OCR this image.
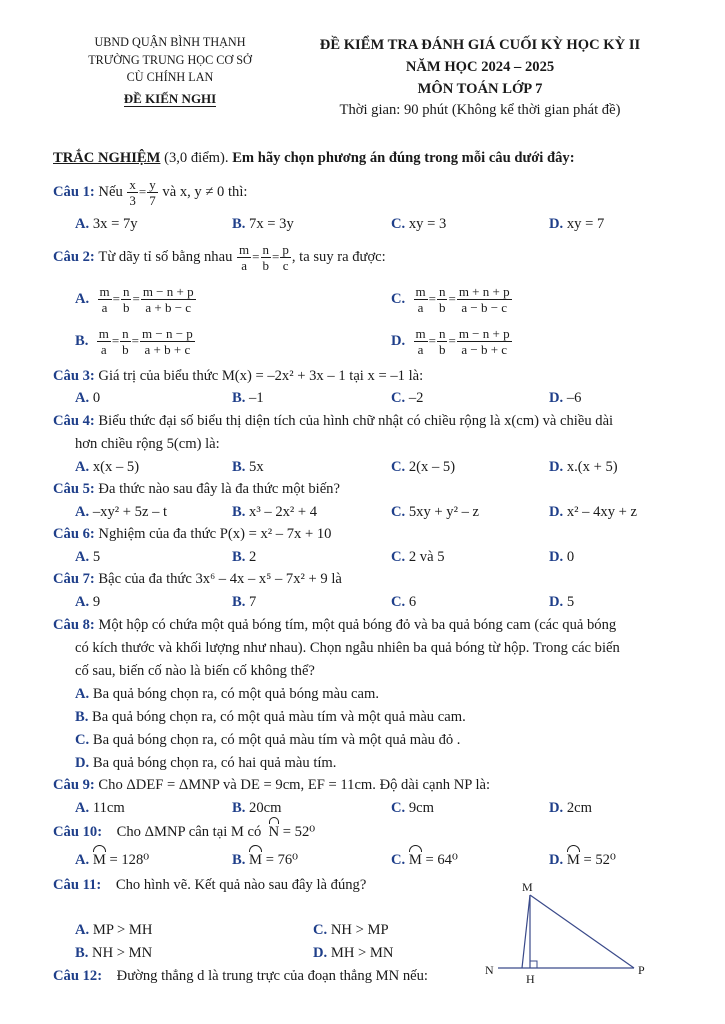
UBND QUẬN BÌNH THẠNH
TRƯỜNG TRUNG HỌC CƠ SỞ
CÙ CHÍNH LAN
ĐỀ KIẾN NGHI
ĐỀ KIỂM TRA ĐÁNH GIÁ CUỐI KỲ HỌC KỲ II
NĂM HỌC 2024 – 2025
MÔN TOÁN LỚP 7
Thời gian: 90 phút (Không kể thời gian phát đề)
TRẮC NGHIỆM (3,0 điểm). Em hãy chọn phương án đúng trong mỗi câu dưới đây:
Câu 1:
Nếu
$\frac{x}{3} = \frac{y}{7}$
và x, y ≠ 0 thì:
A. 3x = 7y	B. 7x = 3y	C. xy = 3	D. xy = 7
Câu 2:
Từ dãy tỉ số bằng nhau
$\frac{m}{a} = \frac{n}{b} = \frac{p}{c}$ , ta suy ra được:
A.
$\frac{m}{a} = \frac{n}{b} = \frac{m - n + p}{a + b - c}$	C.
$\frac{m}{a} = \frac{n}{b} = \frac{m + n + p}{a - b - c}$
B.
$\frac{m}{a} = \frac{n}{b} = \frac{m - n - p}{a + b + c}$	D.
$\frac{m}{a} = \frac{n}{b} = \frac{m - n + p}{a - b + c}$
Câu 3: Giá trị của biểu thức M(x) = –2x² + 3x – 1 tại x = –1 là:
A. 0	B. –1	C. –2	D. –6
Câu 4: Biểu thức đại số biểu thị diện tích của hình chữ nhật có chiều rộng là x(cm) và chiều dài
hơn chiều rộng 5(cm) là:
A. x(x – 5)	B. 5x	C. 2(x – 5)	D. x.(x + 5)
Câu 5: Đa thức nào sau đây là đa thức một biến?
A. –xy² + 5z – t	B. x³ – 2x² + 4	C. 5xy + y² – z	D. x² – 4xy + z
Câu 6: Nghiệm của đa thức P(x) = x² – 7x + 10
A. 5	B. 2	C. 2 và 5	D. 0
Câu 7: Bậc của đa thức 3x⁶ – 4x – x⁵ – 7x² + 9 là
A. 9	B. 7	C. 6	D. 5
Câu 8: Một hộp có chứa một quả bóng tím, một quả bóng đỏ và ba quả bóng cam (các quả bóng
có kích thước và khối lượng như nhau). Chọn ngẫu nhiên ba quả bóng từ hộp. Trong các biến
cố sau, biến cố nào là biến cố không thể?
A. Ba quả bóng chọn ra, có một quả bóng màu cam.
B. Ba quả bóng chọn ra, có một quả màu tím và một quả màu cam.
C. Ba quả bóng chọn ra, có một quả màu tím và một quả màu đỏ .
D. Ba quả bóng chọn ra, có hai quả màu tím.
Câu 9: Cho ΔDEF = ΔMNP và DE = 9cm, EF = 11cm. Độ dài cạnh NP là:
A. 11cm	B. 20cm	C. 9cm	D. 2cm
Câu 10: Cho ΔMNP cân tại M có N = 52⁰
A. M = 128⁰	B. M = 76⁰	C. M = 64⁰	D. M = 52⁰
Câu 11: Cho hình vẽ. Kết quả nào sau đây là đúng?
A. MP > MH	C. NH > MP
B. NH > MN	D. MH > MN
M
N	P
H
Câu 12: Đường thẳng d là trung trực của đoạn thẳng MN nếu:
